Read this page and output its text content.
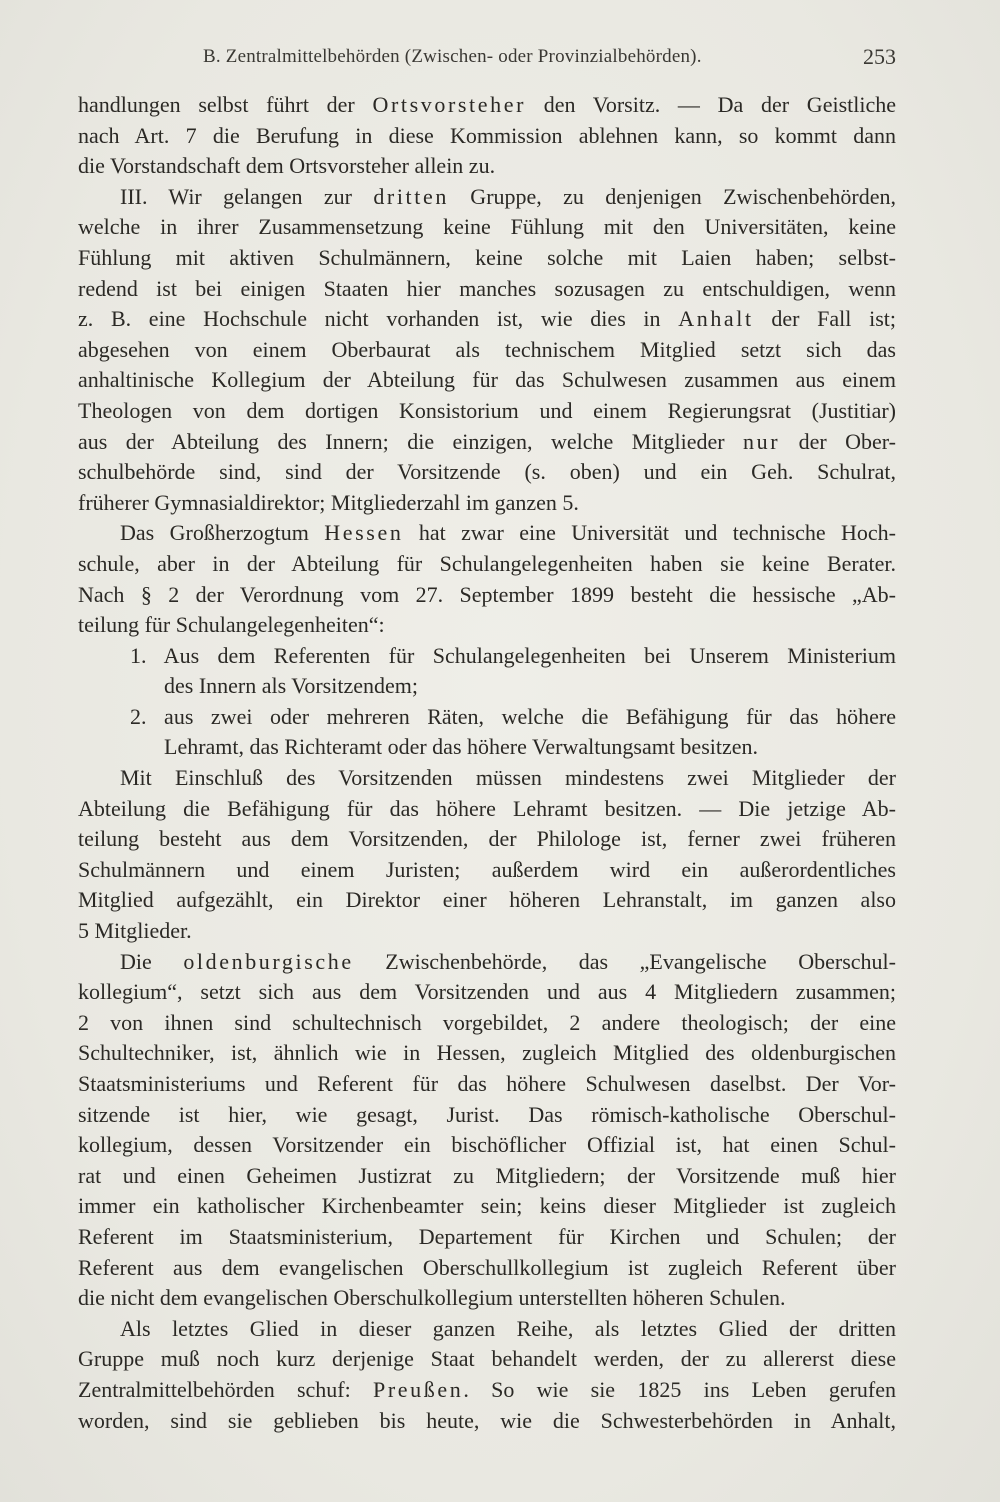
B. Zentralmittelbehörden (Zwischen- oder Provinzialbehörden).	253
handlungen selbst führt der Ortsvorsteher den Vorsitz. — Da der Geistliche
nach Art. 7 die Berufung in diese Kommission ablehnen kann, so kommt dann
die Vorstandschaft dem Ortsvorsteher allein zu.
III. Wir gelangen zur dritten Gruppe, zu denjenigen Zwischenbehörden,
welche in ihrer Zusammensetzung keine Fühlung mit den Universitäten, keine
Fühlung mit aktiven Schulmännern, keine solche mit Laien haben; selbst-
redend ist bei einigen Staaten hier manches sozusagen zu entschuldigen, wenn
z. B. eine Hochschule nicht vorhanden ist, wie dies in Anhalt der Fall ist;
abgesehen von einem Oberbaurat als technischem Mitglied setzt sich das
anhaltinische Kollegium der Abteilung für das Schulwesen zusammen aus einem
Theologen von dem dortigen Konsistorium und einem Regierungsrat (Justitiar)
aus der Abteilung des Innern; die einzigen, welche Mitglieder nur der Ober-
schulbehörde sind, sind der Vorsitzende (s. oben) und ein Geh. Schulrat,
früherer Gymnasialdirektor; Mitgliederzahl im ganzen 5.
Das Großherzogtum Hessen hat zwar eine Universität und technische Hoch-
schule, aber in der Abteilung für Schulangelegenheiten haben sie keine Berater.
Nach § 2 der Verordnung vom 27. September 1899 besteht die hessische „Ab-
teilung für Schulangelegenheiten“:
1. Aus dem Referenten für Schulangelegenheiten bei Unserem Ministerium
des Innern als Vorsitzendem;
2. aus zwei oder mehreren Räten, welche die Befähigung für das höhere
Lehramt, das Richteramt oder das höhere Verwaltungsamt besitzen.
Mit Einschluß des Vorsitzenden müssen mindestens zwei Mitglieder der
Abteilung die Befähigung für das höhere Lehramt besitzen. — Die jetzige Ab-
teilung besteht aus dem Vorsitzenden, der Philologe ist, ferner zwei früheren
Schulmännern und einem Juristen; außerdem wird ein außerordentliches
Mitglied aufgezählt, ein Direktor einer höheren Lehranstalt, im ganzen also
5 Mitglieder.
Die oldenburgische Zwischenbehörde, das „Evangelische Oberschul-
kollegium“, setzt sich aus dem Vorsitzenden und aus 4 Mitgliedern zusammen;
2 von ihnen sind schultechnisch vorgebildet, 2 andere theologisch; der eine
Schultechniker, ist, ähnlich wie in Hessen, zugleich Mitglied des oldenburgischen
Staatsministeriums und Referent für das höhere Schulwesen daselbst. Der Vor-
sitzende ist hier, wie gesagt, Jurist. Das römisch-katholische Oberschul-
kollegium, dessen Vorsitzender ein bischöflicher Offizial ist, hat einen Schul-
rat und einen Geheimen Justizrat zu Mitgliedern; der Vorsitzende muß hier
immer ein katholischer Kirchenbeamter sein; keins dieser Mitglieder ist zugleich
Referent im Staatsministerium, Departement für Kirchen und Schulen; der
Referent aus dem evangelischen Oberschullkollegium ist zugleich Referent über
die nicht dem evangelischen Oberschulkollegium unterstellten höheren Schulen.
Als letztes Glied in dieser ganzen Reihe, als letztes Glied der dritten
Gruppe muß noch kurz derjenige Staat behandelt werden, der zu allererst diese
Zentralmittelbehörden schuf: Preußen. So wie sie 1825 ins Leben gerufen
worden, sind sie geblieben bis heute, wie die Schwesterbehörden in Anhalt,
